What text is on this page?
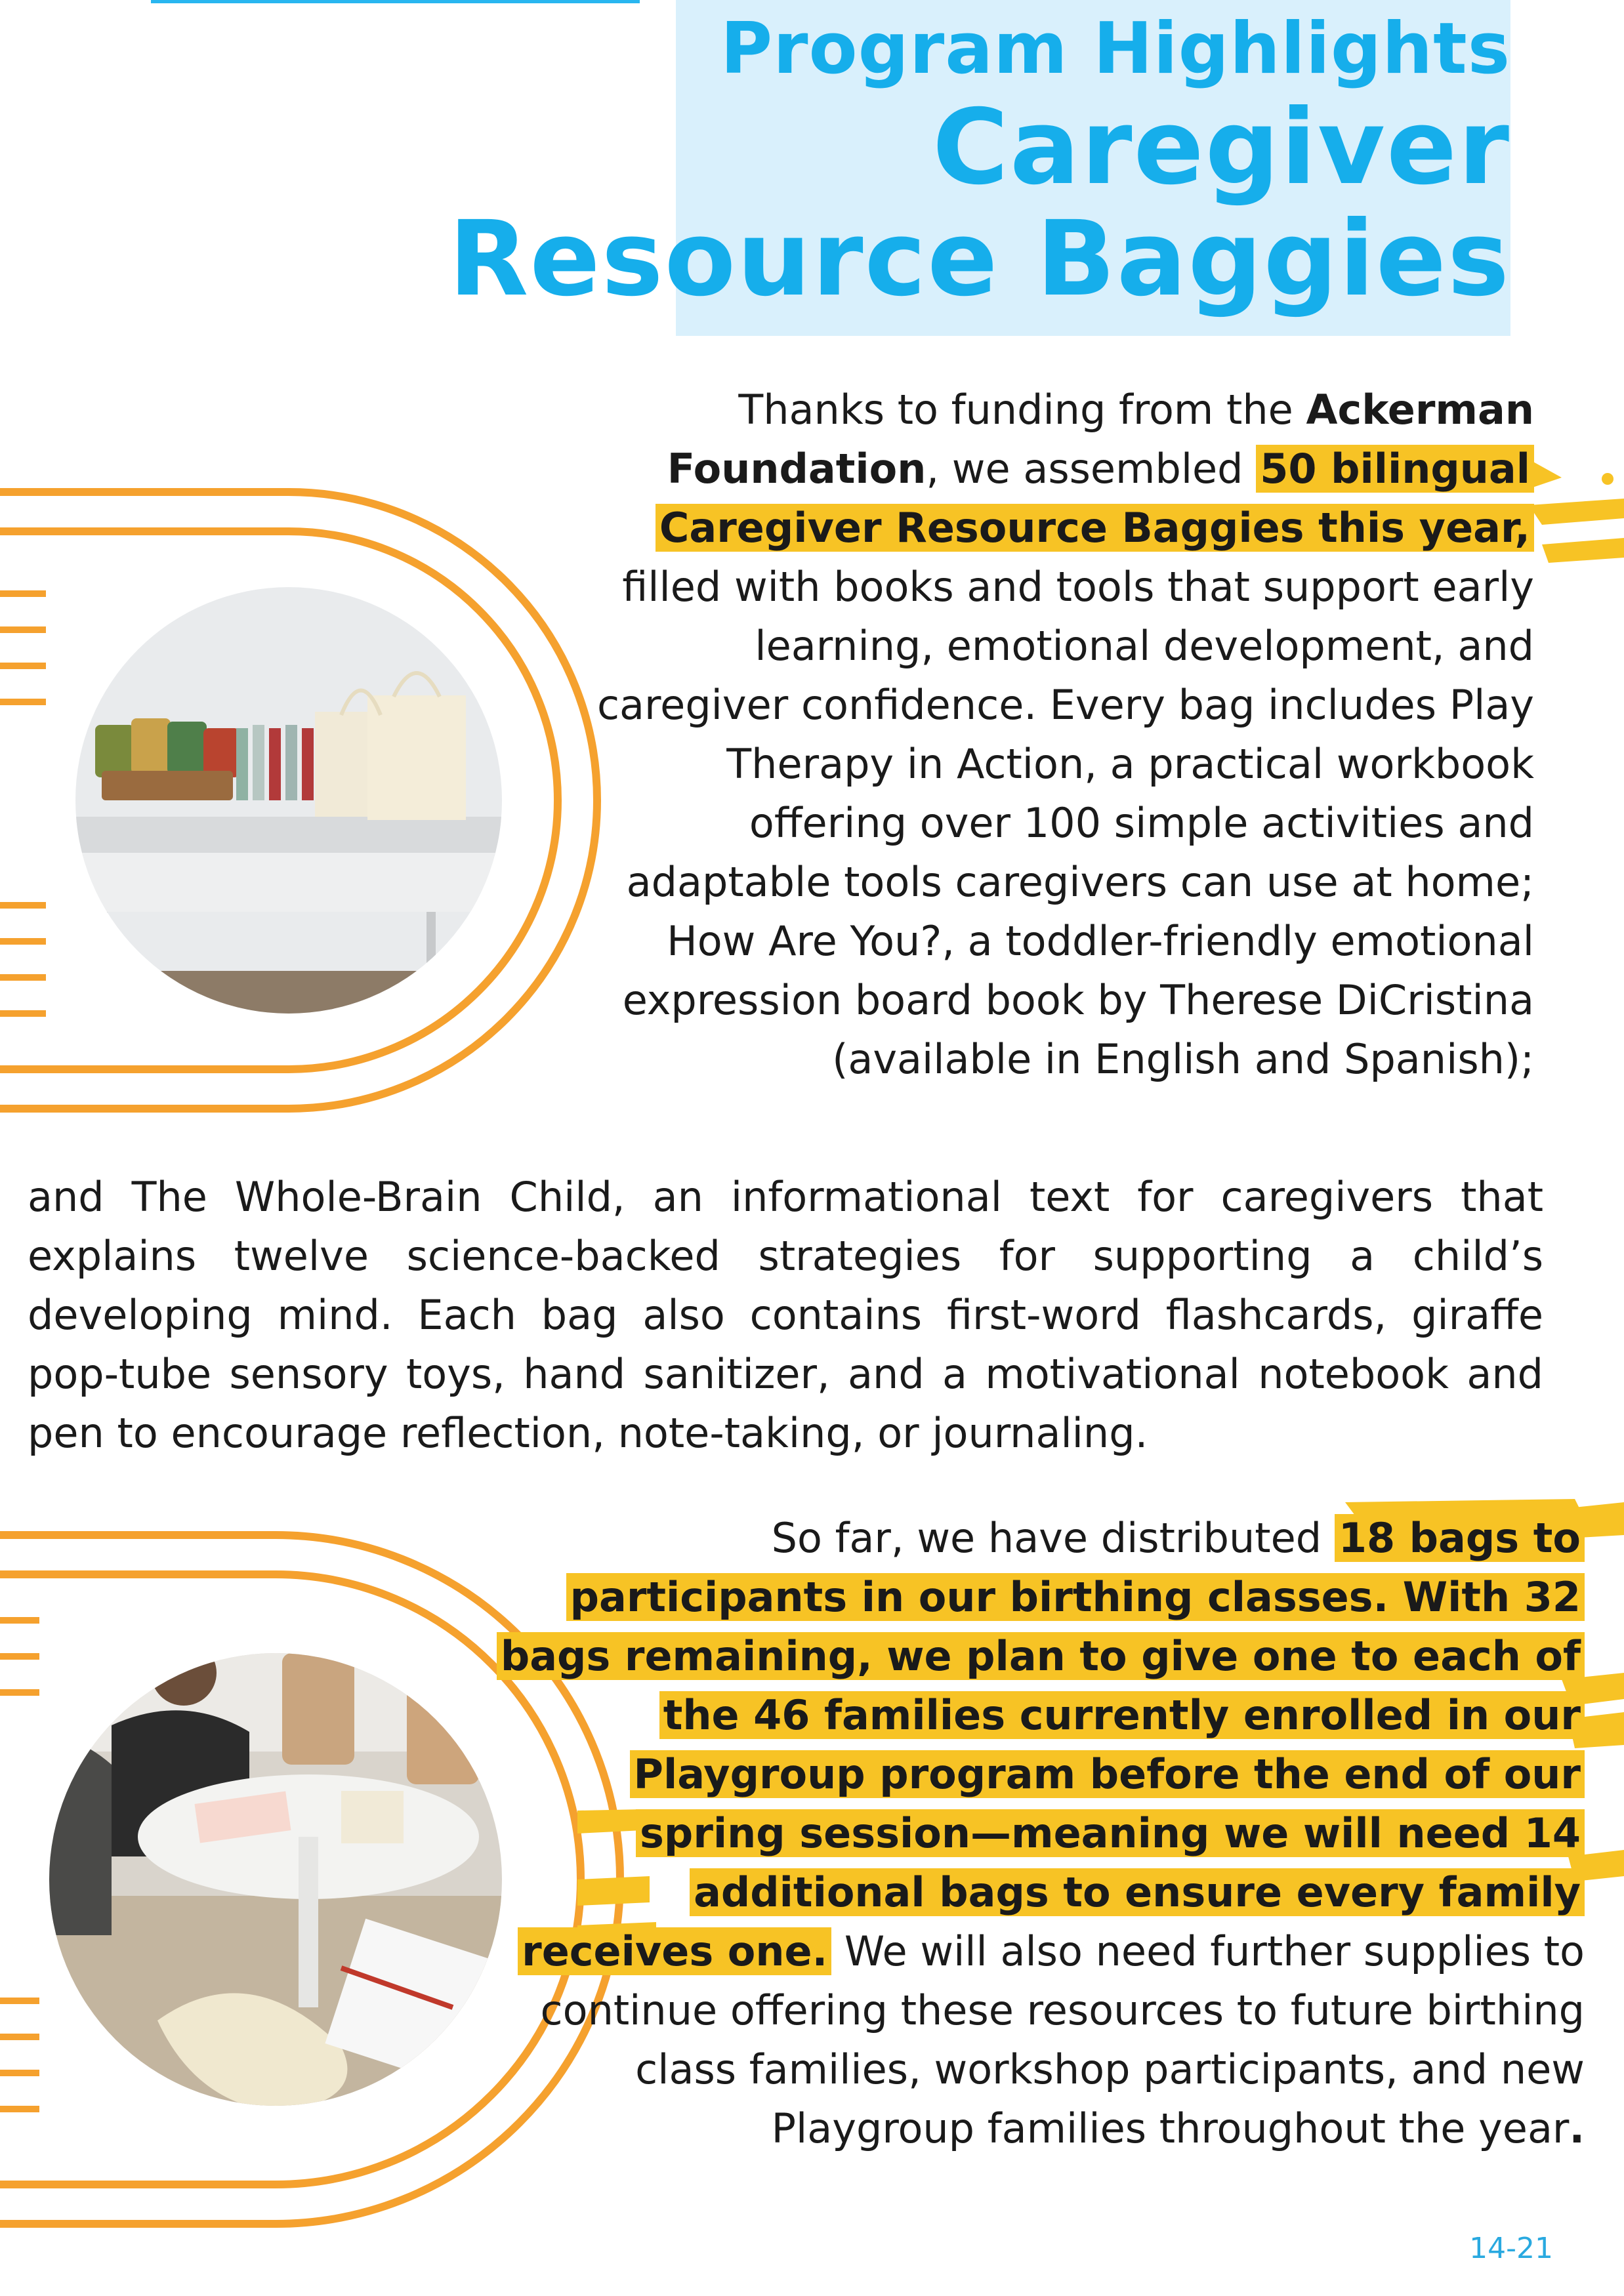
Program Highlights
Caregiver
Resource Baggies
Thanks to funding from the Ackerman Foundation, we assembled 50 bilingual Caregiver Resource Baggies this year, filled with books and tools that support early learning, emotional development, and caregiver confidence. Every bag includes Play Therapy in Action, a practical workbook offering over 100 simple activities and adaptable tools caregivers can use at home; How Are You?, a toddler-friendly emotional expression board book by Therese DiCristina (available in English and Spanish);
and The Whole-Brain Child, an informational text for caregivers that explains twelve science-backed strategies for supporting a child’s developing mind. Each bag also contains first-word flashcards, giraffe pop-tube sensory toys, hand sanitizer, and a motivational notebook and pen to encourage reflection, note-taking, or journaling.
So far, we have distributed 18 bags to participants in our birthing classes. With 32 bags remaining, we plan to give one to each of the 46 families currently enrolled in our Playgroup program before the end of our spring session—meaning we will need 14 additional bags to ensure every family receives one. We will also need further supplies to continue offering these resources to future birthing class families, workshop participants, and new Playgroup families throughout the year.
14-21
